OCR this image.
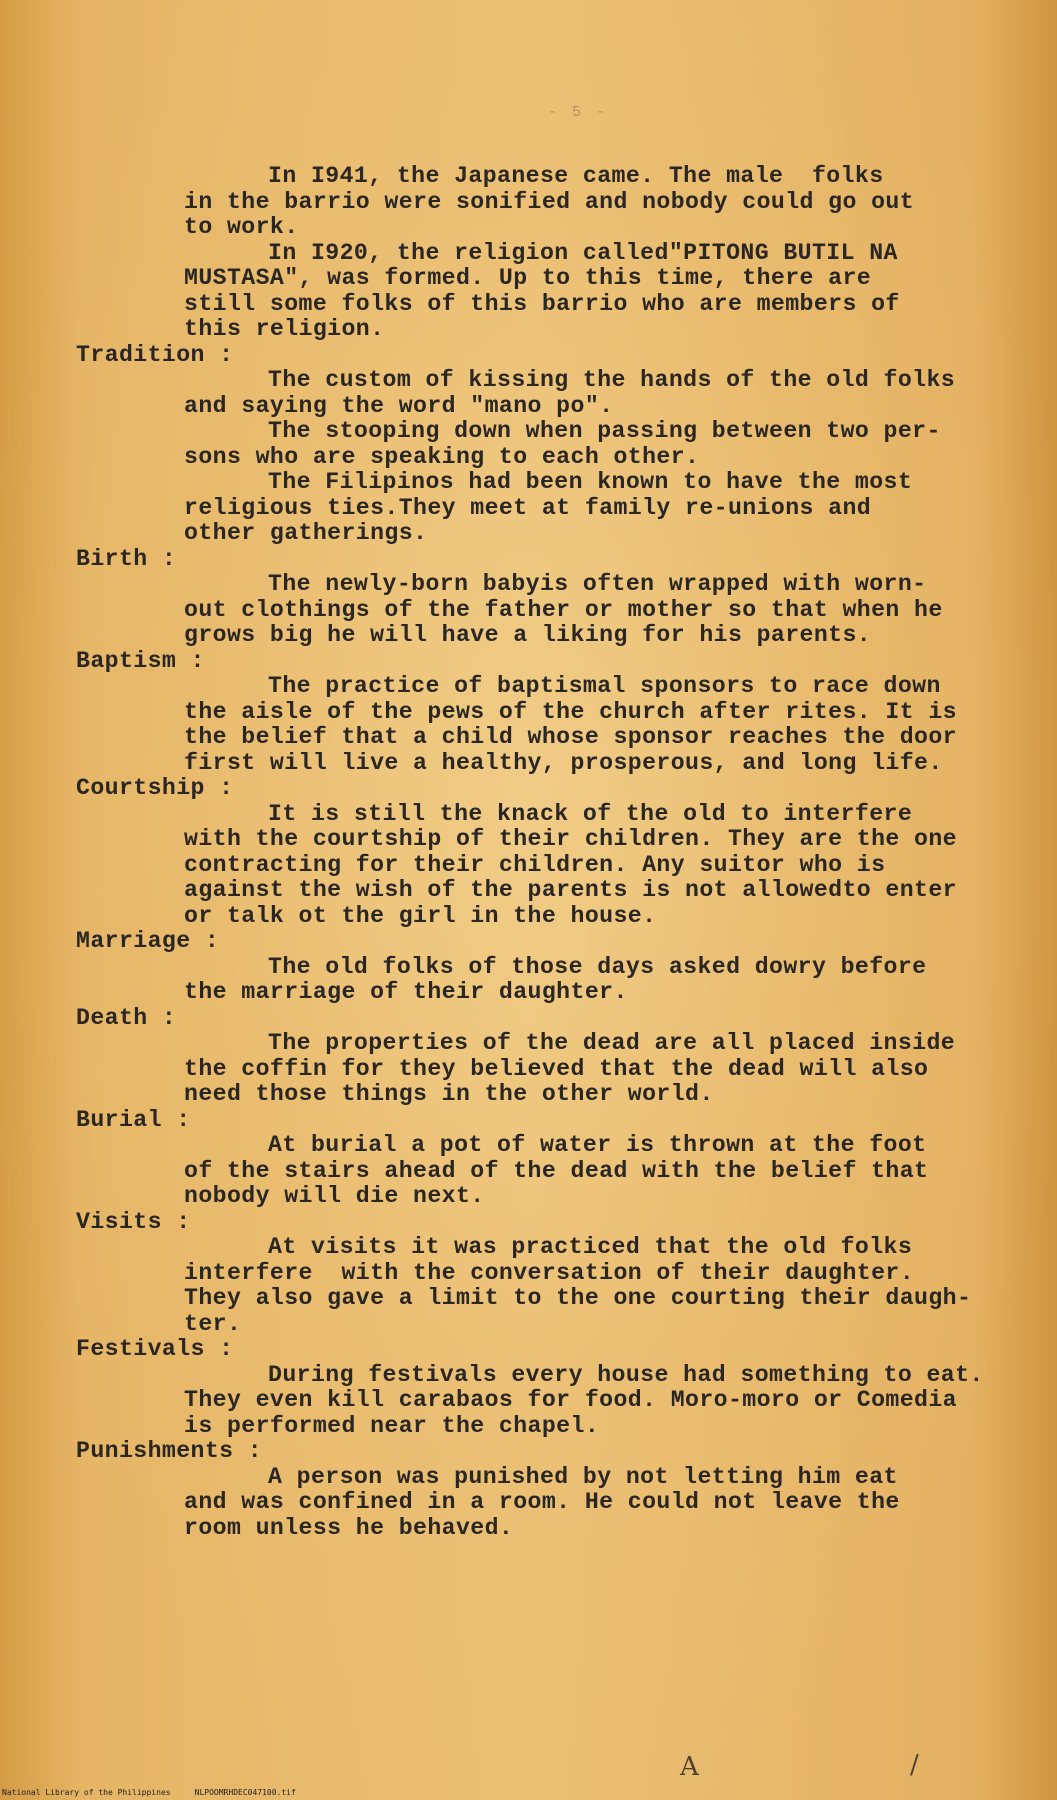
- 5 -
In I941, the Japanese came. The male  folks
in the barrio were sonified and nobody could go out
to work.
In I920, the religion called"PITONG BUTIL NA
MUSTASA", was formed. Up to this time, there are
still some folks of this barrio who are members of
this religion.
Tradition :
The custom of kissing the hands of the old folks
and saying the word "mano po".
The stooping down when passing between two per-
sons who are speaking to each other.
The Filipinos had been known to have the most
religious ties.They meet at family re-unions and
other gatherings.
Birth :
The newly-born babyis often wrapped with worn-
out clothings of the father or mother so that when he
grows big he will have a liking for his parents.
Baptism :
The practice of baptismal sponsors to race down
the aisle of the pews of the church after rites. It is
the belief that a child whose sponsor reaches the door
first will live a healthy, prosperous, and long life.
Courtship :
It is still the knack of the old to interfere
with the courtship of their children. They are the one
contracting for their children. Any suitor who is
against the wish of the parents is not allowedto enter
or talk ot the girl in the house.
Marriage :
The old folks of those days asked dowry before
the marriage of their daughter.
Death :
The properties of the dead are all placed inside
the coffin for they believed that the dead will also
need those things in the other world.
Burial :
At burial a pot of water is thrown at the foot
of the stairs ahead of the dead with the belief that
nobody will die next.
Visits :
At visits it was practiced that the old folks
interfere  with the conversation of their daughter.
They also gave a limit to the one courting their daugh-
ter.
Festivals :
During festivals every house had something to eat.
They even kill carabaos for food. Moro-moro or Comedia
is performed near the chapel.
Punishments :
A person was punished by not letting him eat
and was confined in a room. He could not leave the
room unless he behaved.
A	/
National Library of the Philippines     NLPOOMRHDEC047100.tif
